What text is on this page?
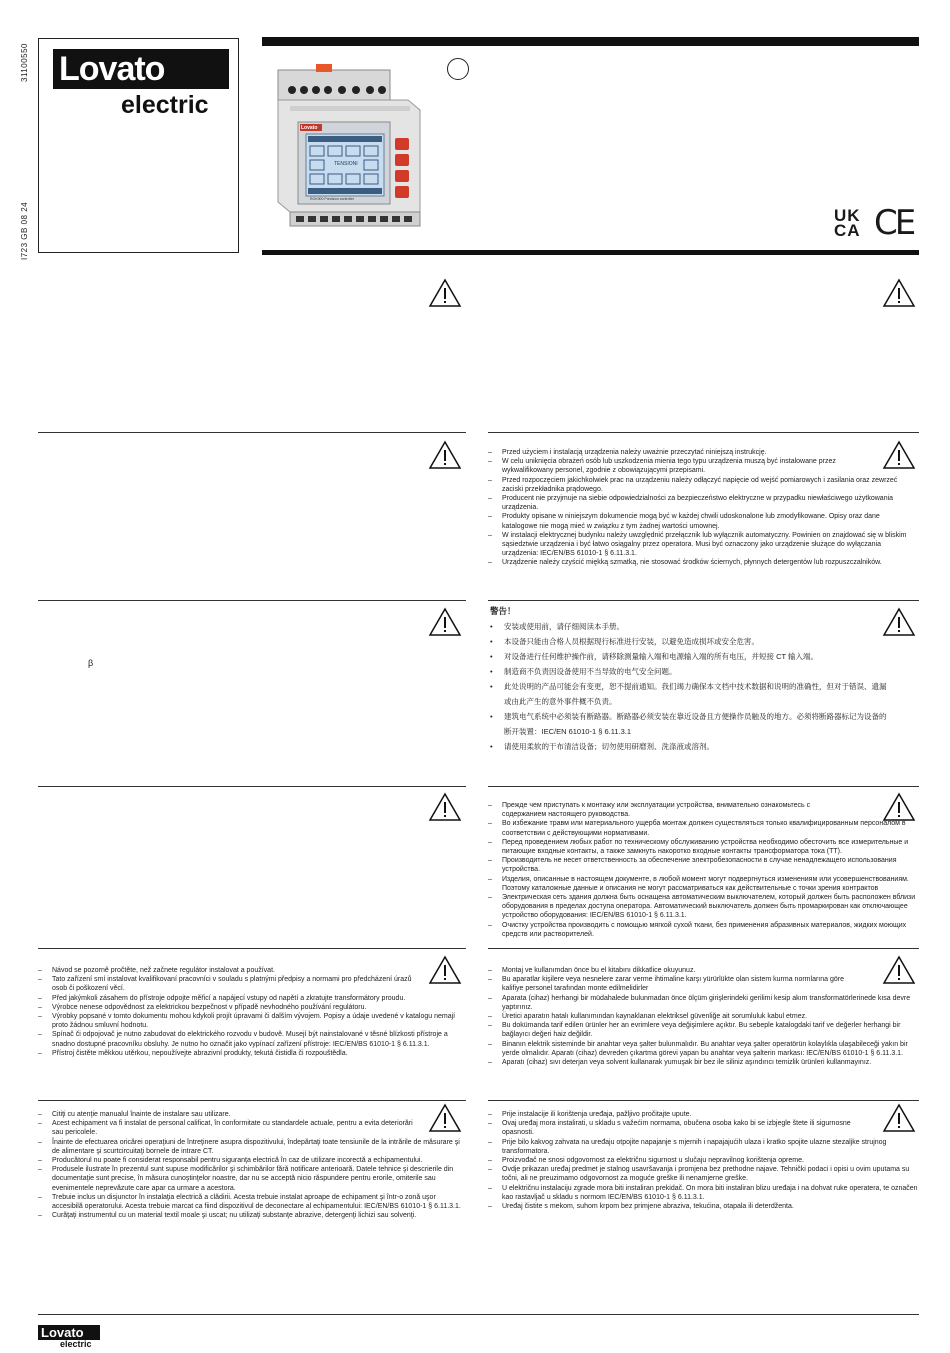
31100550
I723 GB 08 24
Lovato
®
electric
Lovato
TENSIONI
RGK900 Precision controller
UK
CA CE
β
– Przed użyciem i instalacją urządzenia należy uważnie przeczytać niniejszą instrukcję.
– W celu uniknięcia obrażeń osób lub uszkodzenia mienia tego typu urządzenia muszą być instalowane przez wykwalifikowany personel, zgodnie z obowiązującymi przepisami.
– Przed rozpoczęciem jakichkolwiek prac na urządzeniu należy odłączyć napięcie od wejść pomiarowych i zasilania oraz zewrzeć zaciski przekładnika prądowego.
– Producent nie przyjmuje na siebie odpowiedzialności za bezpieczeństwo elektryczne w przypadku niewłaściwego użytkowania urządzenia.
– Produkty opisane w niniejszym dokumencie mogą być w każdej chwili udoskonalone lub zmodyfikowane. Opisy oraz dane katalogowe nie mogą mieć w związku z tym żadnej wartości umownej.
– W instalacji elektrycznej budynku należy uwzględnić przełącznik lub wyłącznik automatyczny. Powinien on znajdować się w bliskim sąsiedztwie urządzenia i być łatwo osiągalny przez operatora. Musi być oznaczony jako urządzenie służące do wyłączania urządzenia: IEC/EN/BS 61010-1 § 6.11.3.1.
– Urządzenie należy czyścić miękką szmatką, nie stosować środków ściernych, płynnych detergentów lub rozpuszczalników.
警告！
• 安装或使用前，请仔细阅读本手册。
• 本设备只能由合格人员根据现行标准进行安装，以避免造成损坏或安全危害。
• 对设备进行任何维护操作前，请移除测量输入端和电源输入端的所有电压，并短接 CT 输入端。
• 制造商不负责因设备使用不当导致的电气安全问题。
• 此处说明的产品可能会有变更，恕不提前通知。我们竭力确保本文档中技术数据和说明的准确性，但对于错误、遗漏或由此产生的意外事件概不负责。
• 建筑电气系统中必须装有断路器。断路器必须安装在靠近设备且方便操作员触及的地方。必须将断路器标记为设备的断开装置：IEC/EN 61010-1 § 6.11.3.1
• 请使用柔软的干布清洁设备；切勿使用研磨剂、洗涤液或溶剂。
– Прежде чем приступать к монтажу или эксплуатации устройства, внимательно ознакомьтесь с содержанием настоящего руководства.
– Во избежание травм или материального ущерба монтаж должен существляться только квалифицированным персоналом в соответствии с действующими нормативами.
– Перед проведением любых работ по техническому обслуживанию устройства необходимо обесточить все измерительные и питающие входные контакты, а также замкнуть накоротко входные контакты трансформатора тока (ТТ).
– Производитель не несет ответственность за обеспечение электробезопасности в случае ненадлежащего использования устройства.
– Изделия, описанные в настоящем документе, в любой момент могут подвергнуться изменениям или усовершенствованиям. Поэтому каталожные данные и описания не могут рассматриваться как действительные с точки зрения контрактов
– Электрическая сеть здания должна быть оснащена автоматическим выключателем, который должен быть расположен вблизи оборудования в пределах доступа оператора. Автоматический выключатель должен быть промаркирован как отключающее устройство оборудования: IEC/EN/BS 61010-1 § 6.11.3.1.
– Очистку устройства производить с помощью мягкой сухой ткани, без применения абразивных материалов, жидких моющих средств или растворителей.
– Návod se pozorně pročtěte, než začnete regulátor instalovat a používat.
– Tato zařízení smí instalovat kvalifikovaní pracovníci v souladu s platnými předpisy a normami pro předcházení úrazů osob či poškození věcí.
– Před jakýmkoli zásahem do přístroje odpojte měřicí a napájecí vstupy od napětí a zkratujte transformátory proudu.
– Výrobce nenese odpovědnost za elektrickou bezpečnost v případě nevhodného používání regulátoru.
– Výrobky popsané v tomto dokumentu mohou kdykoli projít úpravami či dalším vývojem. Popisy a údaje uvedené v katalogu nemají proto žádnou smluvní hodnotu.
– Spínač či odpojovač je nutno zabudovat do elektrického rozvodu v budově. Musejí být nainstalované v těsné blízkosti přístroje a snadno dostupné pracovníku obsluhy. Je nutno ho označit jako vypínací zařízení přístroje: IEC/EN/BS 61010-1 § 6.11.3.1.
– Přístroj čistěte měkkou utěrkou, nepoužívejte abrazivní produkty, tekutá čistidla či rozpouštědla.
– Montaj ve kullanımdan önce bu el kitabını dikkatlice okuyunuz.
– Bu aparatlar kişilere veya nesnelere zarar verme ihtimaline karşı yürürlükte olan sistem kurma normlarına göre kalifiye personel tarafından monte edilmelidirler
– Aparata (cihaz) herhangi bir müdahalede bulunmadan önce ölçüm girişlerindeki gerilimi kesip akım transformatörlerinede kısa devre yaptırınız.
– Üretici aparatın hatalı kullanımından kaynaklanan elektriksel güvenliğe ait sorumluluk kabul etmez.
– Bu dokümanda tarif edilen ürünler her an evrimlere veya değişimlere açıktır. Bu sebeple katalogdaki tarif ve değerler herhangi bir bağlayıcı değeri haiz değildir.
– Binanın elektrik sisteminde bir anahtar veya şalter bulunmalıdır. Bu anahtar veya şalter operatörün kolaylıkla ulaşabileceği yakın bir yerde olmalıdır. Aparatı (cihaz) devreden çıkartma görevi yapan bu anahtar veya şalterin markası: IEC/EN/BS 61010-1 § 6.11.3.1.
– Aparatı (cihaz) sıvı deterjan veya solvent kullanarak yumuşak bir bez ile siliniz aşındırıcı temizlik ürünleri kullanmayınız.
– Citiţi cu atenţie manualul înainte de instalare sau utilizare.
– Acest echipament va fi instalat de personal calificat, în conformitate cu standardele actuale, pentru a evita deteriorări sau pericolele.
– Înainte de efectuarea oricărei operaţiuni de întreţinere asupra dispozitivului, îndepărtaţi toate tensiunile de la intrările de măsurare şi de alimentare şi scurtcircuitaţi bornele de intrare CT.
– Producătorul nu poate fi considerat responsabil pentru siguranţa electrică în caz de utilizare incorectă a echipamentului.
– Produsele ilustrate în prezentul sunt supuse modificărilor şi schimbărilor fără notificare anterioară. Datele tehnice şi descrierile din documentaţie sunt precise, în măsura cunoştinţelor noastre, dar nu se acceptă nicio răspundere pentru erorile, omiterile sau evenimentele neprevăzute care apar ca urmare a acestora.
– Trebuie inclus un disjunctor în instalaţia electrică a clădirii. Acesta trebuie instalat aproape de echipament şi într-o zonă uşor accesibilă operatorului. Acesta trebuie marcat ca fiind dispozitivul de deconectare al echipamentului: IEC/EN/BS 61010-1 § 6.11.3.1.
– Curăţaţi instrumentul cu un material textil moale şi uscat; nu utilizaţi substanţe abrazive, detergenţi lichizi sau solvenţi.
– Prije instalacije ili korištenja uređaja, pažljivo pročitajte upute.
– Ovaj uređaj mora instalirati, u skladu s važećim normama, obučena osoba kako bi se izbjegle štete ili sigurnosne opasnosti.
– Prije bilo kakvog zahvata na uređaju otpojite napajanje s mjernih i napajajućih ulaza i kratko spojite ulazne stezaljke strujnog transformatora.
– Proizvođač ne snosi odgovornost za električnu sigurnost u slučaju nepravilnog korištenja opreme.
– Ovdje prikazan uređaj predmet je stalnog usavršavanja i promjena bez prethodne najave. Tehnički podaci i opisi u ovim uputama su točni, ali ne preuzimamo odgovornost za moguće greške ili nenamjerne greške.
– U električnu instalaciju zgrade mora biti instaliran prekidač. On mora biti instaliran blizu uređaja i na dohvat ruke operatera, te označen kao rastavljač u skladu s normom IEC/EN/BS 61010-1 § 6.11.3.1.
– Uređaj čistite s mekom, suhom krpom bez primjene abraziva, tekućina, otapala ili deterdženta.
Lovato
electric
